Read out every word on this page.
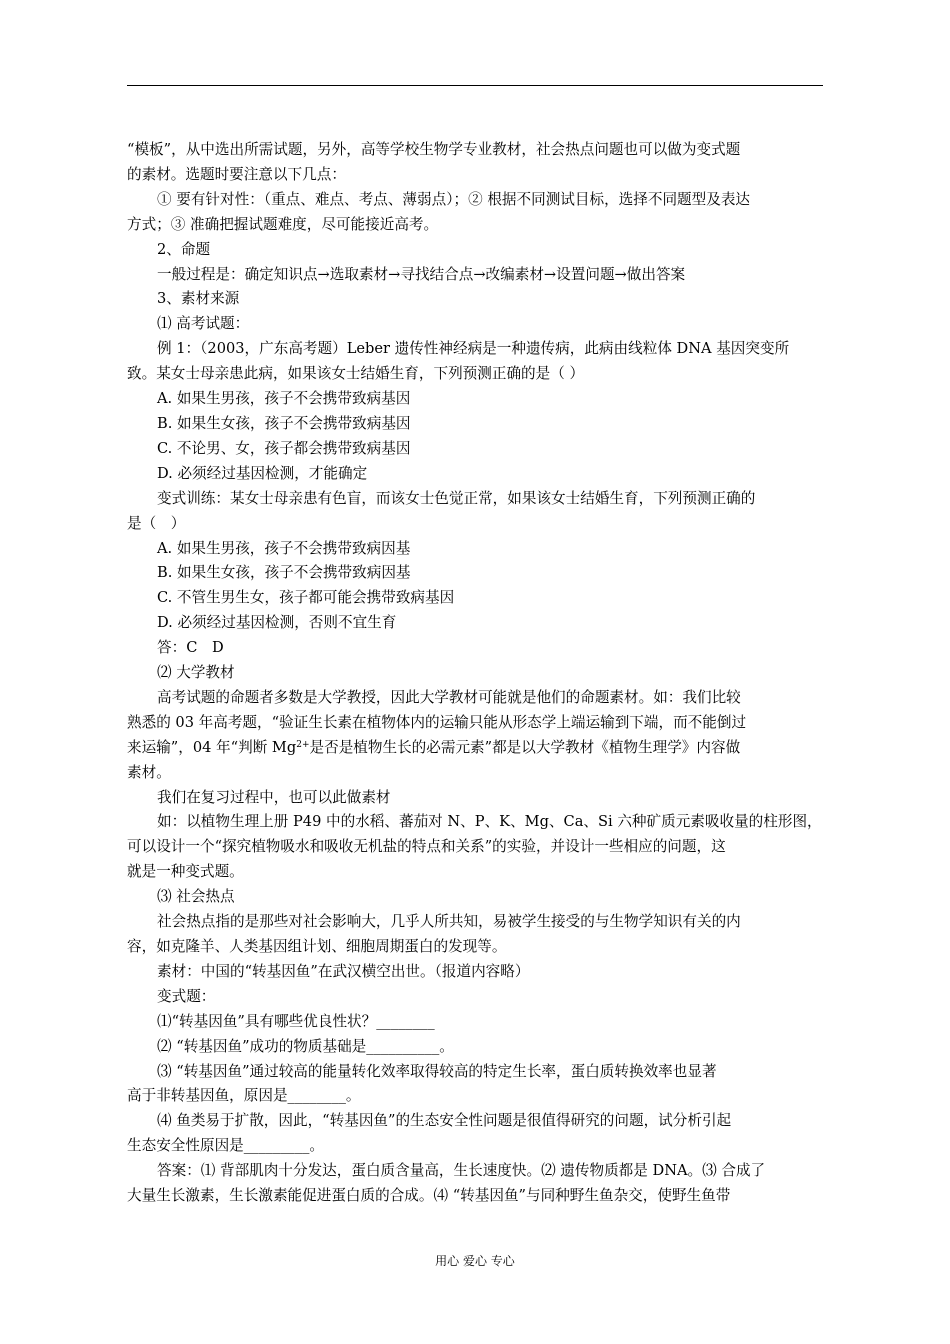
“模板”，从中选出所需试题，另外，高等学校生物学专业教材，社会热点问题也可以做为变式题

的素材。选题时要注意以下几点：

① 要有针对性：（重点、难点、考点、薄弱点）；② 根据不同测试目标，选择不同题型及表达

方式；③ 准确把握试题难度，尽可能接近高考。

2、命题

一般过程是：确定知识点→选取素材→寻找结合点→改编素材→设置问题→做出答案

3、素材来源

⑴ 高考试题：

例 1：（2003，广东高考题）Leber 遗传性神经病是一种遗传病，此病由线粒体 DNA 基因突变所

致。某女士母亲患此病，如果该女士结婚生育，下列预测正确的是（ ）

A. 如果生男孩，孩子不会携带致病基因

B. 如果生女孩，孩子不会携带致病基因

C. 不论男、女，孩子都会携带致病基因

D. 必须经过基因检测，才能确定

变式训练：某女士母亲患有色盲，而该女士色觉正常，如果该女士结婚生育，下列预测正确的

是（　）

A. 如果生男孩，孩子不会携带致病因基

B. 如果生女孩，孩子不会携带致病因基

C. 不管生男生女，孩子都可能会携带致病基因

D. 必须经过基因检测，否则不宜生育

答：C　D

⑵ 大学教材

高考试题的命题者多数是大学教授，因此大学教材可能就是他们的命题素材。如：我们比较

熟悉的 03 年高考题，“验证生长素在植物体内的运输只能从形态学上端运输到下端，而不能倒过

来运输”，04 年“判断 $Mg^{2+}$是否是植物生长的必需元素”都是以大学教材《植物生理学》内容做

素材。

我们在复习过程中，也可以此做素材

如：以植物生理上册 P49 中的水稻、蕃茄对 N、P、K、Mg、Ca、Si 六种矿质元素吸收量的柱形图，

可以设计一个“探究植物吸水和吸收无机盐的特点和关系”的实验，并设计一些相应的问题，这

就是一种变式题。

⑶ 社会热点

社会热点指的是那些对社会影响大，几乎人所共知，易被学生接受的与生物学知识有关的内

容，如克隆羊、人类基因组计划、细胞周期蛋白的发现等。

素材：中国的“转基因鱼”在武汉横空出世。（报道内容略）

变式题：

⑴“转基因鱼”具有哪些优良性状？________

⑵ “转基因鱼”成功的物质基础是__________。

⑶ “转基因鱼”通过较高的能量转化效率取得较高的特定生长率，蛋白质转换效率也显著

高于非转基因鱼，原因是________。

⑷ 鱼类易于扩散，因此，“转基因鱼”的生态安全性问题是很值得研究的问题，试分析引起

生态安全性原因是_________。

答案：⑴ 背部肌肉十分发达，蛋白质含量高，生长速度快。⑵ 遗传物质都是 DNA。⑶ 合成了

大量生长激素，生长激素能促进蛋白质的合成。⑷ “转基因鱼”与同种野生鱼杂交，使野生鱼带

用心 爱心 专心
